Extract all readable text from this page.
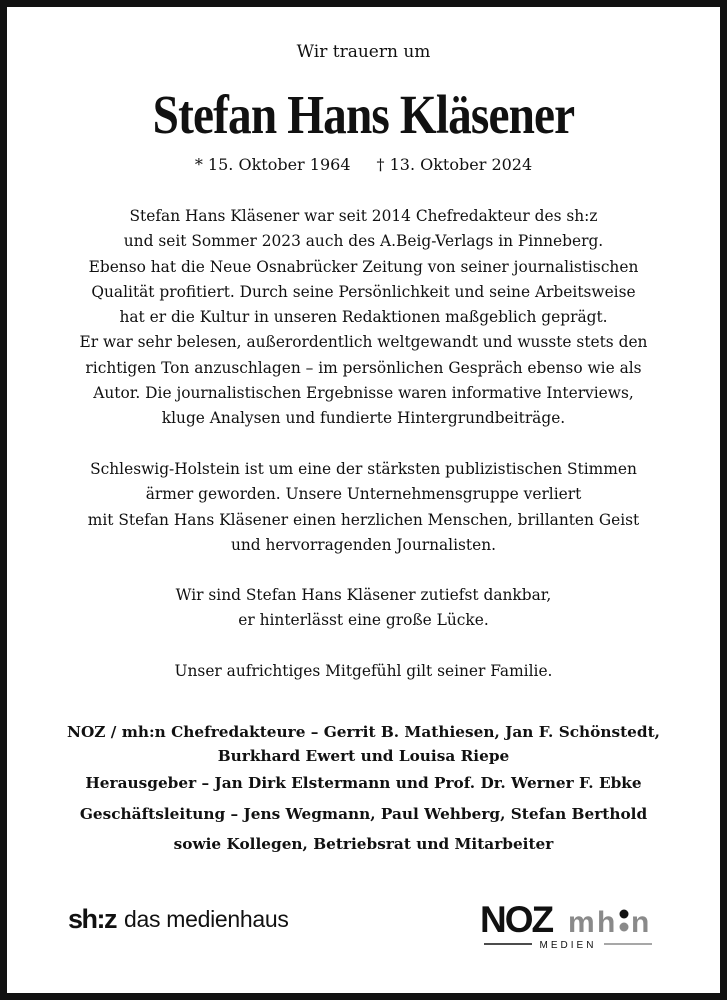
Wir trauern um
Stefan Hans Kläsener
* 15. Oktober 1964 † 13. Oktober 2024
Stefan Hans Kläsener war seit 2014 Chefredakteur des sh:z
und seit Sommer 2023 auch des A.Beig-Verlags in Pinneberg.
Ebenso hat die Neue Osnabrücker Zeitung von seiner journalistischen
Qualität profitiert. Durch seine Persönlichkeit und seine Arbeitsweise
hat er die Kultur in unseren Redaktionen maßgeblich geprägt.
Er war sehr belesen, außerordentlich weltgewandt und wusste stets den
richtigen Ton anzuschlagen – im persönlichen Gespräch ebenso wie als
Autor. Die journalistischen Ergebnisse waren informative Interviews,
kluge Analysen und fundierte Hintergrundbeiträge.
Schleswig-Holstein ist um eine der stärksten publizistischen Stimmen
ärmer geworden. Unsere Unternehmensgruppe verliert
mit Stefan Hans Kläsener einen herzlichen Menschen, brillanten Geist
und hervorragenden Journalisten.
Wir sind Stefan Hans Kläsener zutiefst dankbar,
er hinterlässt eine große Lücke.
Unser aufrichtiges Mitgefühl gilt seiner Familie.
NOZ / mh:n Chefredakteure – Gerrit B. Mathiesen, Jan F. Schönstedt,
Burkhard Ewert und Louisa Riepe
Herausgeber – Jan Dirk Elstermann und Prof. Dr. Werner F. Ebke
Geschäftsleitung – Jens Wegmann, Paul Wehberg, Stefan Berthold
sowie Kollegen, Betriebsrat und Mitarbeiter
sh:z das medienhaus	NOZ m h n
MEDIEN
